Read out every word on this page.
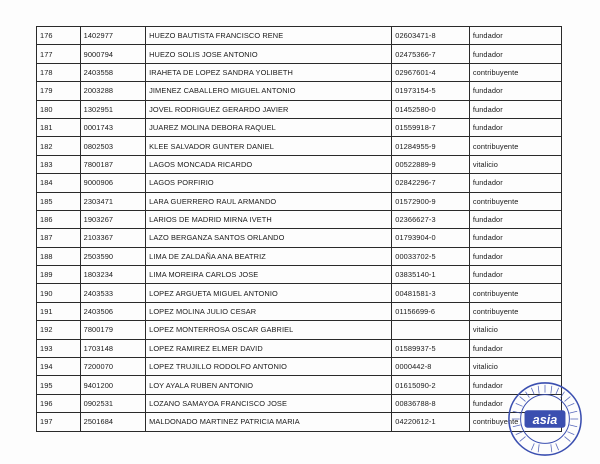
176	1402977	HUEZO BAUTISTA FRANCISCO RENE	02603471-8	fundador
177	9000794	HUEZO SOLIS JOSE ANTONIO	02475366-7	fundador
178	2403558	IRAHETA DE LOPEZ SANDRA YOLIBETH	02967601-4	contribuyente
179	2003288	JIMENEZ CABALLERO MIGUEL ANTONIO	01973154-5	fundador
180	1302951	JOVEL RODRIGUEZ GERARDO JAVIER	01452580-0	fundador
181	0001743	JUAREZ MOLINA DEBORA RAQUEL	01559918-7	fundador
182	0802503	KLEE SALVADOR GUNTER DANIEL	01284955-9	contribuyente
183	7800187	LAGOS MONCADA RICARDO	00522889-9	vitalicio
184	9000906	LAGOS PORFIRIO	02842296-7	fundador
185	2303471	LARA GUERRERO RAUL ARMANDO	01572900-9	contribuyente
186	1903267	LARIOS DE MADRID MIRNA IVETH	02366627-3	fundador
187	2103367	LAZO BERGANZA SANTOS ORLANDO	01793904-0	fundador
188	2503590	LIMA DE ZALDAÑA ANA BEATRIZ	00033702-5	fundador
189	1803234	LIMA MOREIRA CARLOS JOSE	03835140-1	fundador
190	2403533	LOPEZ ARGUETA MIGUEL ANTONIO	00481581-3	contribuyente
191	2403506	LOPEZ MOLINA JULIO CESAR	01156699-6	contribuyente
192	7800179	LOPEZ MONTERROSA OSCAR GABRIEL		vitalicio
193	1703148	LOPEZ RAMIREZ ELMER DAVID	01589937-5	fundador
194	7200070	LOPEZ TRUJILLO RODOLFO ANTONIO	0000442-8	vitalicio
195	9401200	LOY AYALA RUBEN ANTONIO	01615090-2	fundador
196	0902531	LOZANO SAMAYOA FRANCISCO JOSE	00836788-8	fundador
197	2501684	MALDONADO MARTINEZ PATRICIA MARIA	04220612-1	contribuyente asia
